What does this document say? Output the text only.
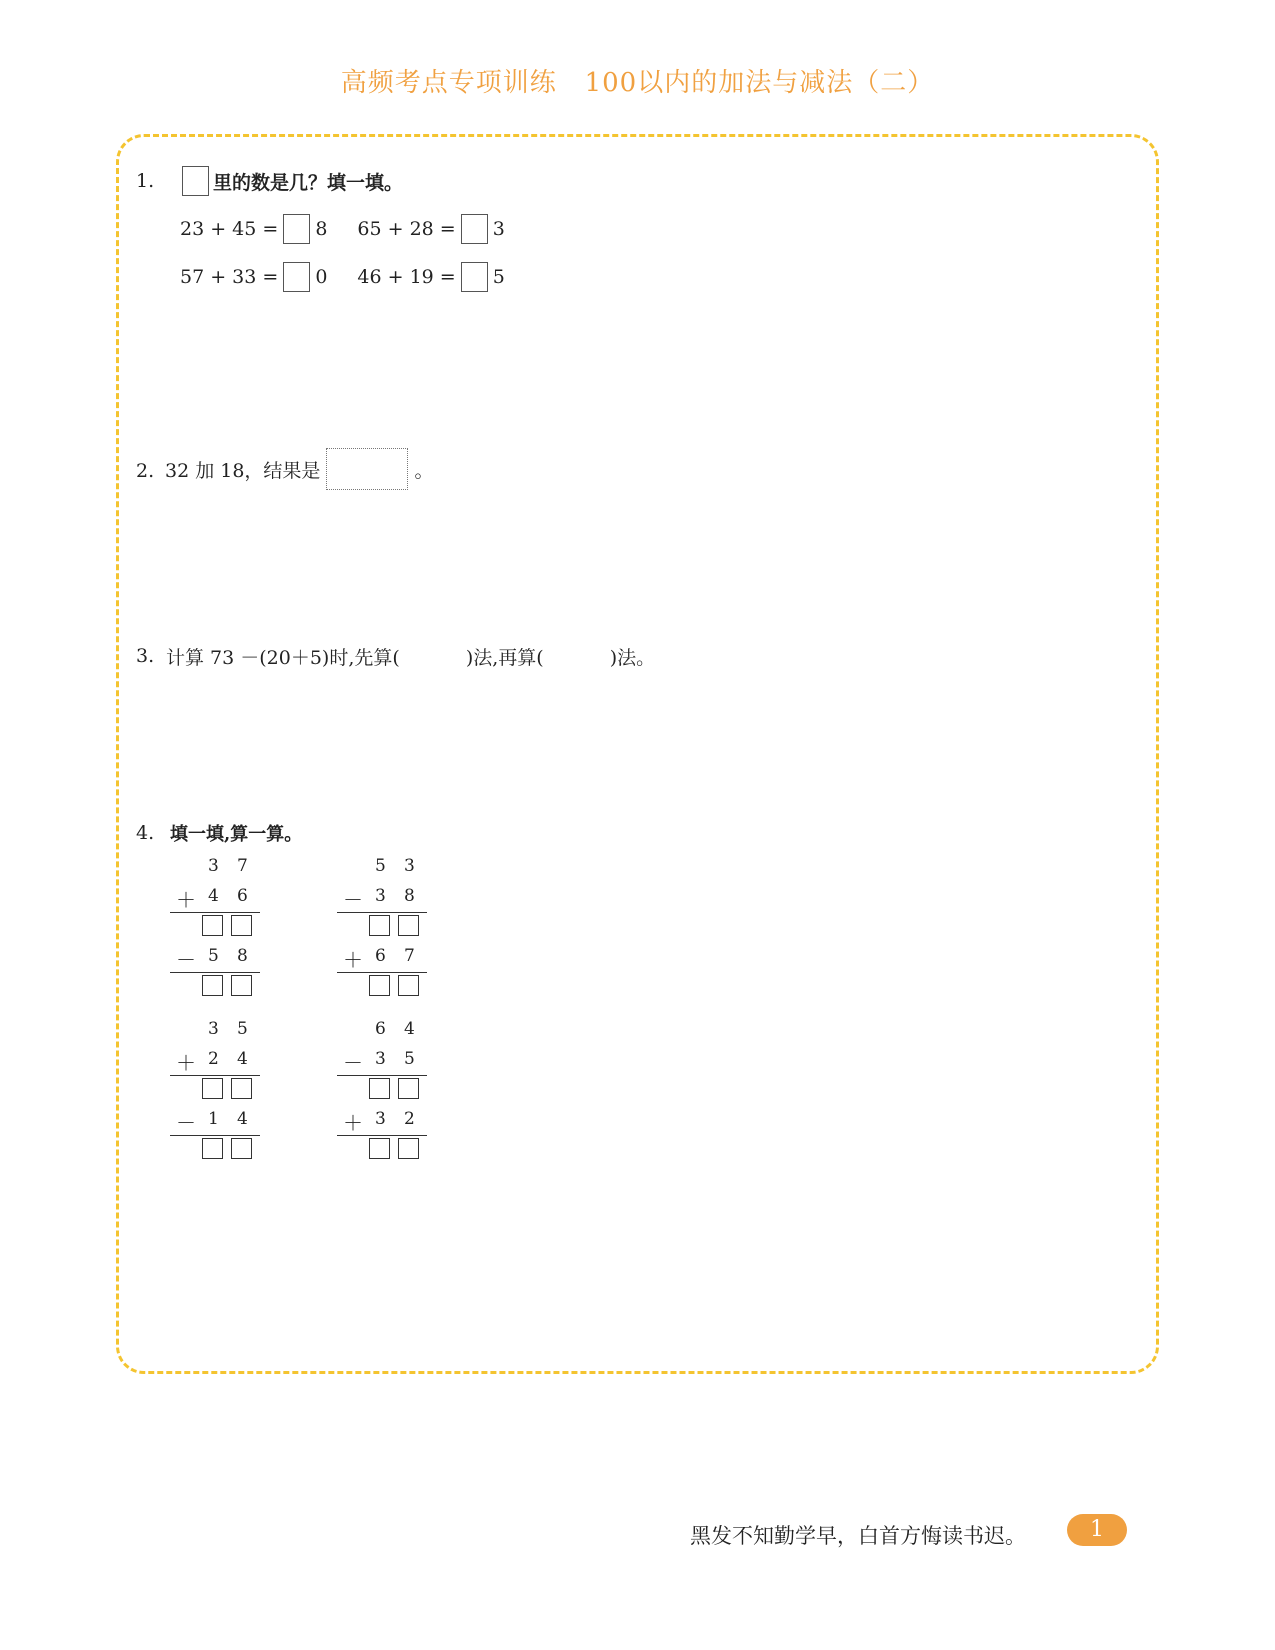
高频考点专项训练   100以内的加法与减法（二）
1.	里的数是几？填一填。
23 + 45 = 8 65 + 28 = 3
57 + 33 = 0 46 + 19 = 5
2. 32 加 18，结果是	。
3. 计算 73 －(20＋5)时,先算(	)法,再算(	)法。
4. 填一填,算一算。
3 7
＋ 4 6
－ 5 8
5 3
－ 3 8
＋ 6 7
3 5
＋ 2 4
－ 1 4
6 4
－ 3 5
＋ 3 2
黑发不知勤学早，白首方悔读书迟。	1
